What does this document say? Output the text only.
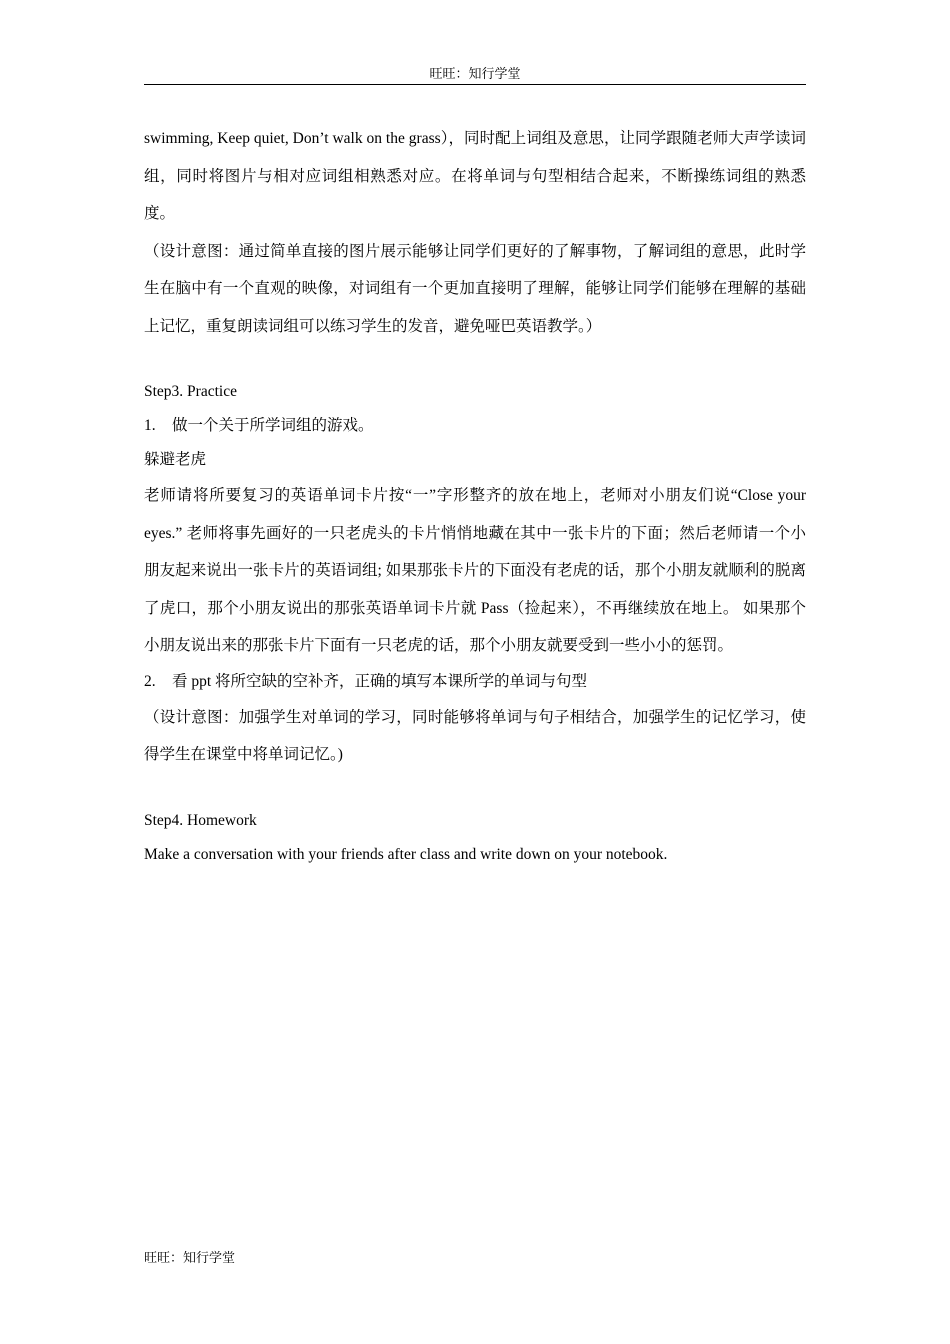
旺旺：知行学堂

swimming, Keep quiet, Don’t walk on the grass），同时配上词组及意思，让同学跟随老师大声学读词组，同时将图片与相对应词组相熟悉对应。在将单词与句型相结合起来，不断操练词组的熟悉度。

（设计意图：通过简单直接的图片展示能够让同学们更好的了解事物，了解词组的意思，此时学生在脑中有一个直观的映像，对词组有一个更加直接明了理解，能够让同学们能够在理解的基础上记忆，重复朗读词组可以练习学生的发音，避免哑巴英语教学。）

Step3. Practice

1. 做一个关于所学词组的游戏。

躲避老虎

老师请将所要复习的英语单词卡片按“一”字形整齐的放在地上，老师对小朋友们说“Close your eyes.” 老师将事先画好的一只老虎头的卡片悄悄地藏在其中一张卡片的下面；然后老师请一个小朋友起来说出一张卡片的英语词组; 如果那张卡片的下面没有老虎的话，那个小朋友就顺利的脱离了虎口，那个小朋友说出的那张英语单词卡片就 Pass（捡起来），不再继续放在地上。 如果那个小朋友说出来的那张卡片下面有一只老虎的话，那个小朋友就要受到一些小小的惩罚。

2. 看 ppt 将所空缺的空补齐，正确的填写本课所学的单词与句型

（设计意图：加强学生对单词的学习，同时能够将单词与句子相结合，加强学生的记忆学习，使得学生在课堂中将单词记忆。)

Step4. Homework

Make a conversation with your friends after class and write down on your notebook.

旺旺：知行学堂
